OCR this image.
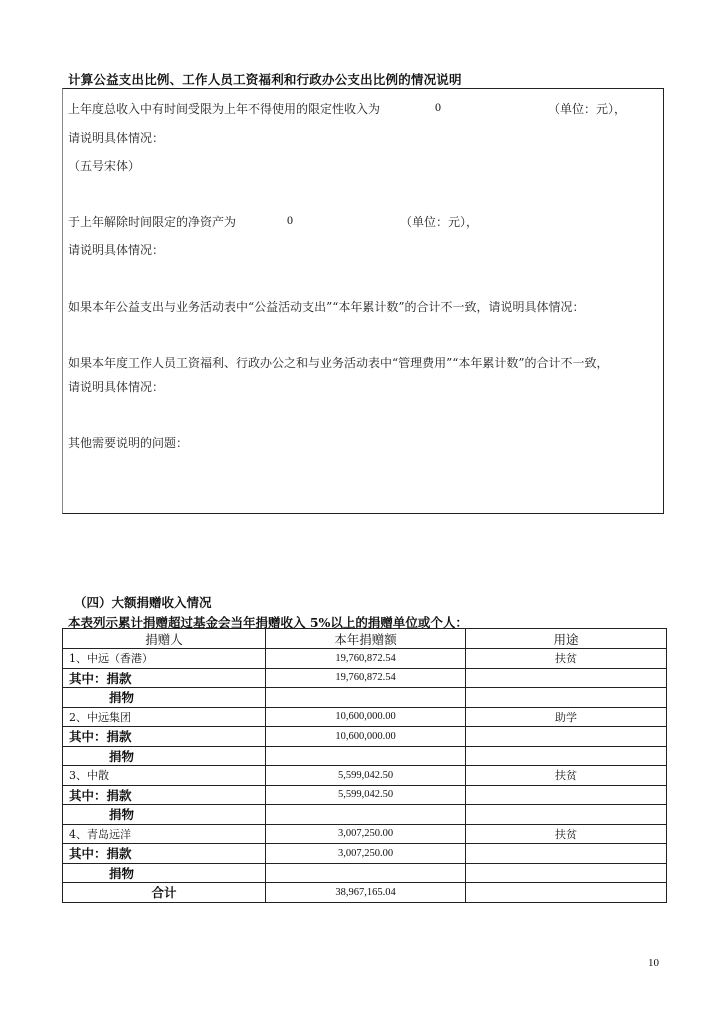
计算公益支出比例、工作人员工资福利和行政办公支出比例的情况说明
上年度总收入中有时间受限为上年不得使用的限定性收入为	0	（单位：元），
请说明具体情况：
（五号宋体）
于上年解除时间限定的净资产为	0	（单位：元），
请说明具体情况：
如果本年公益支出与业务活动表中“公益活动支出”“本年累计数”的合计不一致，请说明具体情况：
如果本年度工作人员工资福利、行政办公之和与业务活动表中“管理费用”“本年累计数”的合计不一致，
请说明具体情况：
其他需要说明的问题：
（四）大额捐赠收入情况
本表列示累计捐赠超过基金会当年捐赠收入 5%以上的捐赠单位或个人：
捐赠人	本年捐赠额	用途
1、中远（香港）	19,760,872.54	扶贫
其中：捐款	19,760,872.54	
捐物		
2、中远集团	10,600,000.00	助学
其中：捐款	10,600,000.00	
捐物		
3、中散	5,599,042.50	扶贫
其中：捐款	5,599,042.50	
捐物		
4、青岛远洋	3,007,250.00	扶贫
其中：捐款	3,007,250.00	
捐物		
合计	38,967,165.04	
10
